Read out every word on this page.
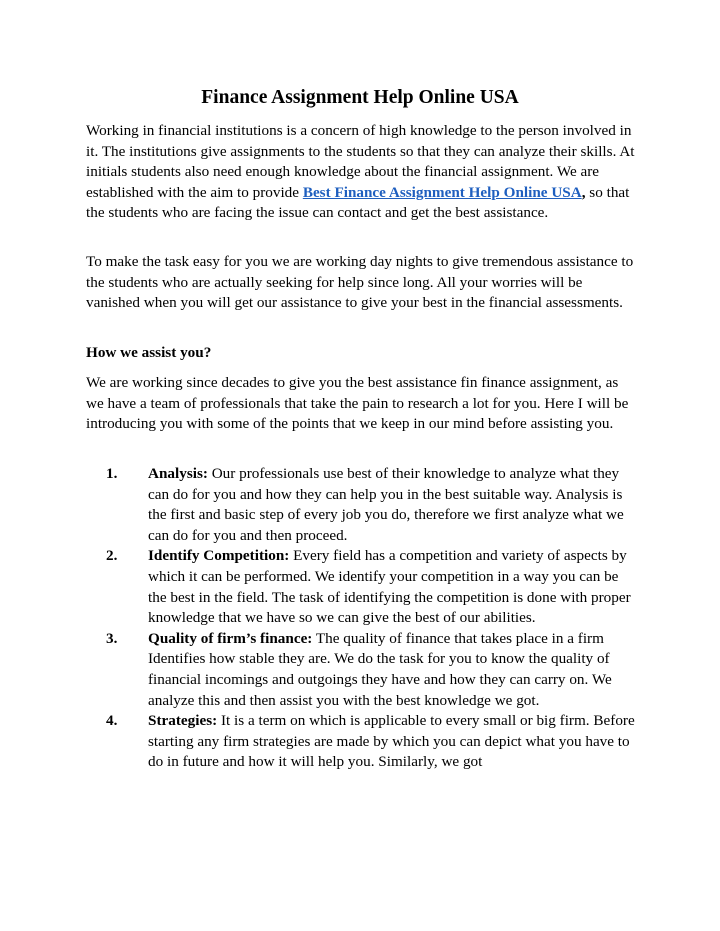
Finance Assignment Help Online USA
Working in financial institutions is a concern of high knowledge to the person involved in it. The institutions give assignments to the students so that they can analyze their skills. At initials students also need enough knowledge about the financial assignment. We are established with the aim to provide Best Finance Assignment Help Online USA, so that the students who are facing the issue can contact and get the best assistance.
To make the task easy for you we are working day nights to give tremendous assistance to the students who are actually seeking for help since long. All your worries will be vanished when you will get our assistance to give your best in the financial assessments.
How we assist you?
We are working since decades to give you the best assistance fin finance assignment, as we have a team of professionals that take the pain to research a lot for you. Here I will be introducing you with some of the points that we keep in our mind before assisting you.
1. Analysis: Our professionals use best of their knowledge to analyze what they can do for you and how they can help you in the best suitable way. Analysis is the first and basic step of every job you do, therefore we first analyze what we can do for you and then proceed.
2. Identify Competition: Every field has a competition and variety of aspects by which it can be performed. We identify your competition in a way you can be the best in the field. The task of identifying the competition is done with proper knowledge that we have so we can give the best of our abilities.
3. Quality of firm’s finance: The quality of finance that takes place in a firm Identifies how stable they are. We do the task for you to know the quality of financial incomings and outgoings they have and how they can carry on. We analyze this and then assist you with the best knowledge we got.
4. Strategies: It is a term on which is applicable to every small or big firm. Before starting any firm strategies are made by which you can depict what you have to do in future and how it will help you. Similarly, we got
